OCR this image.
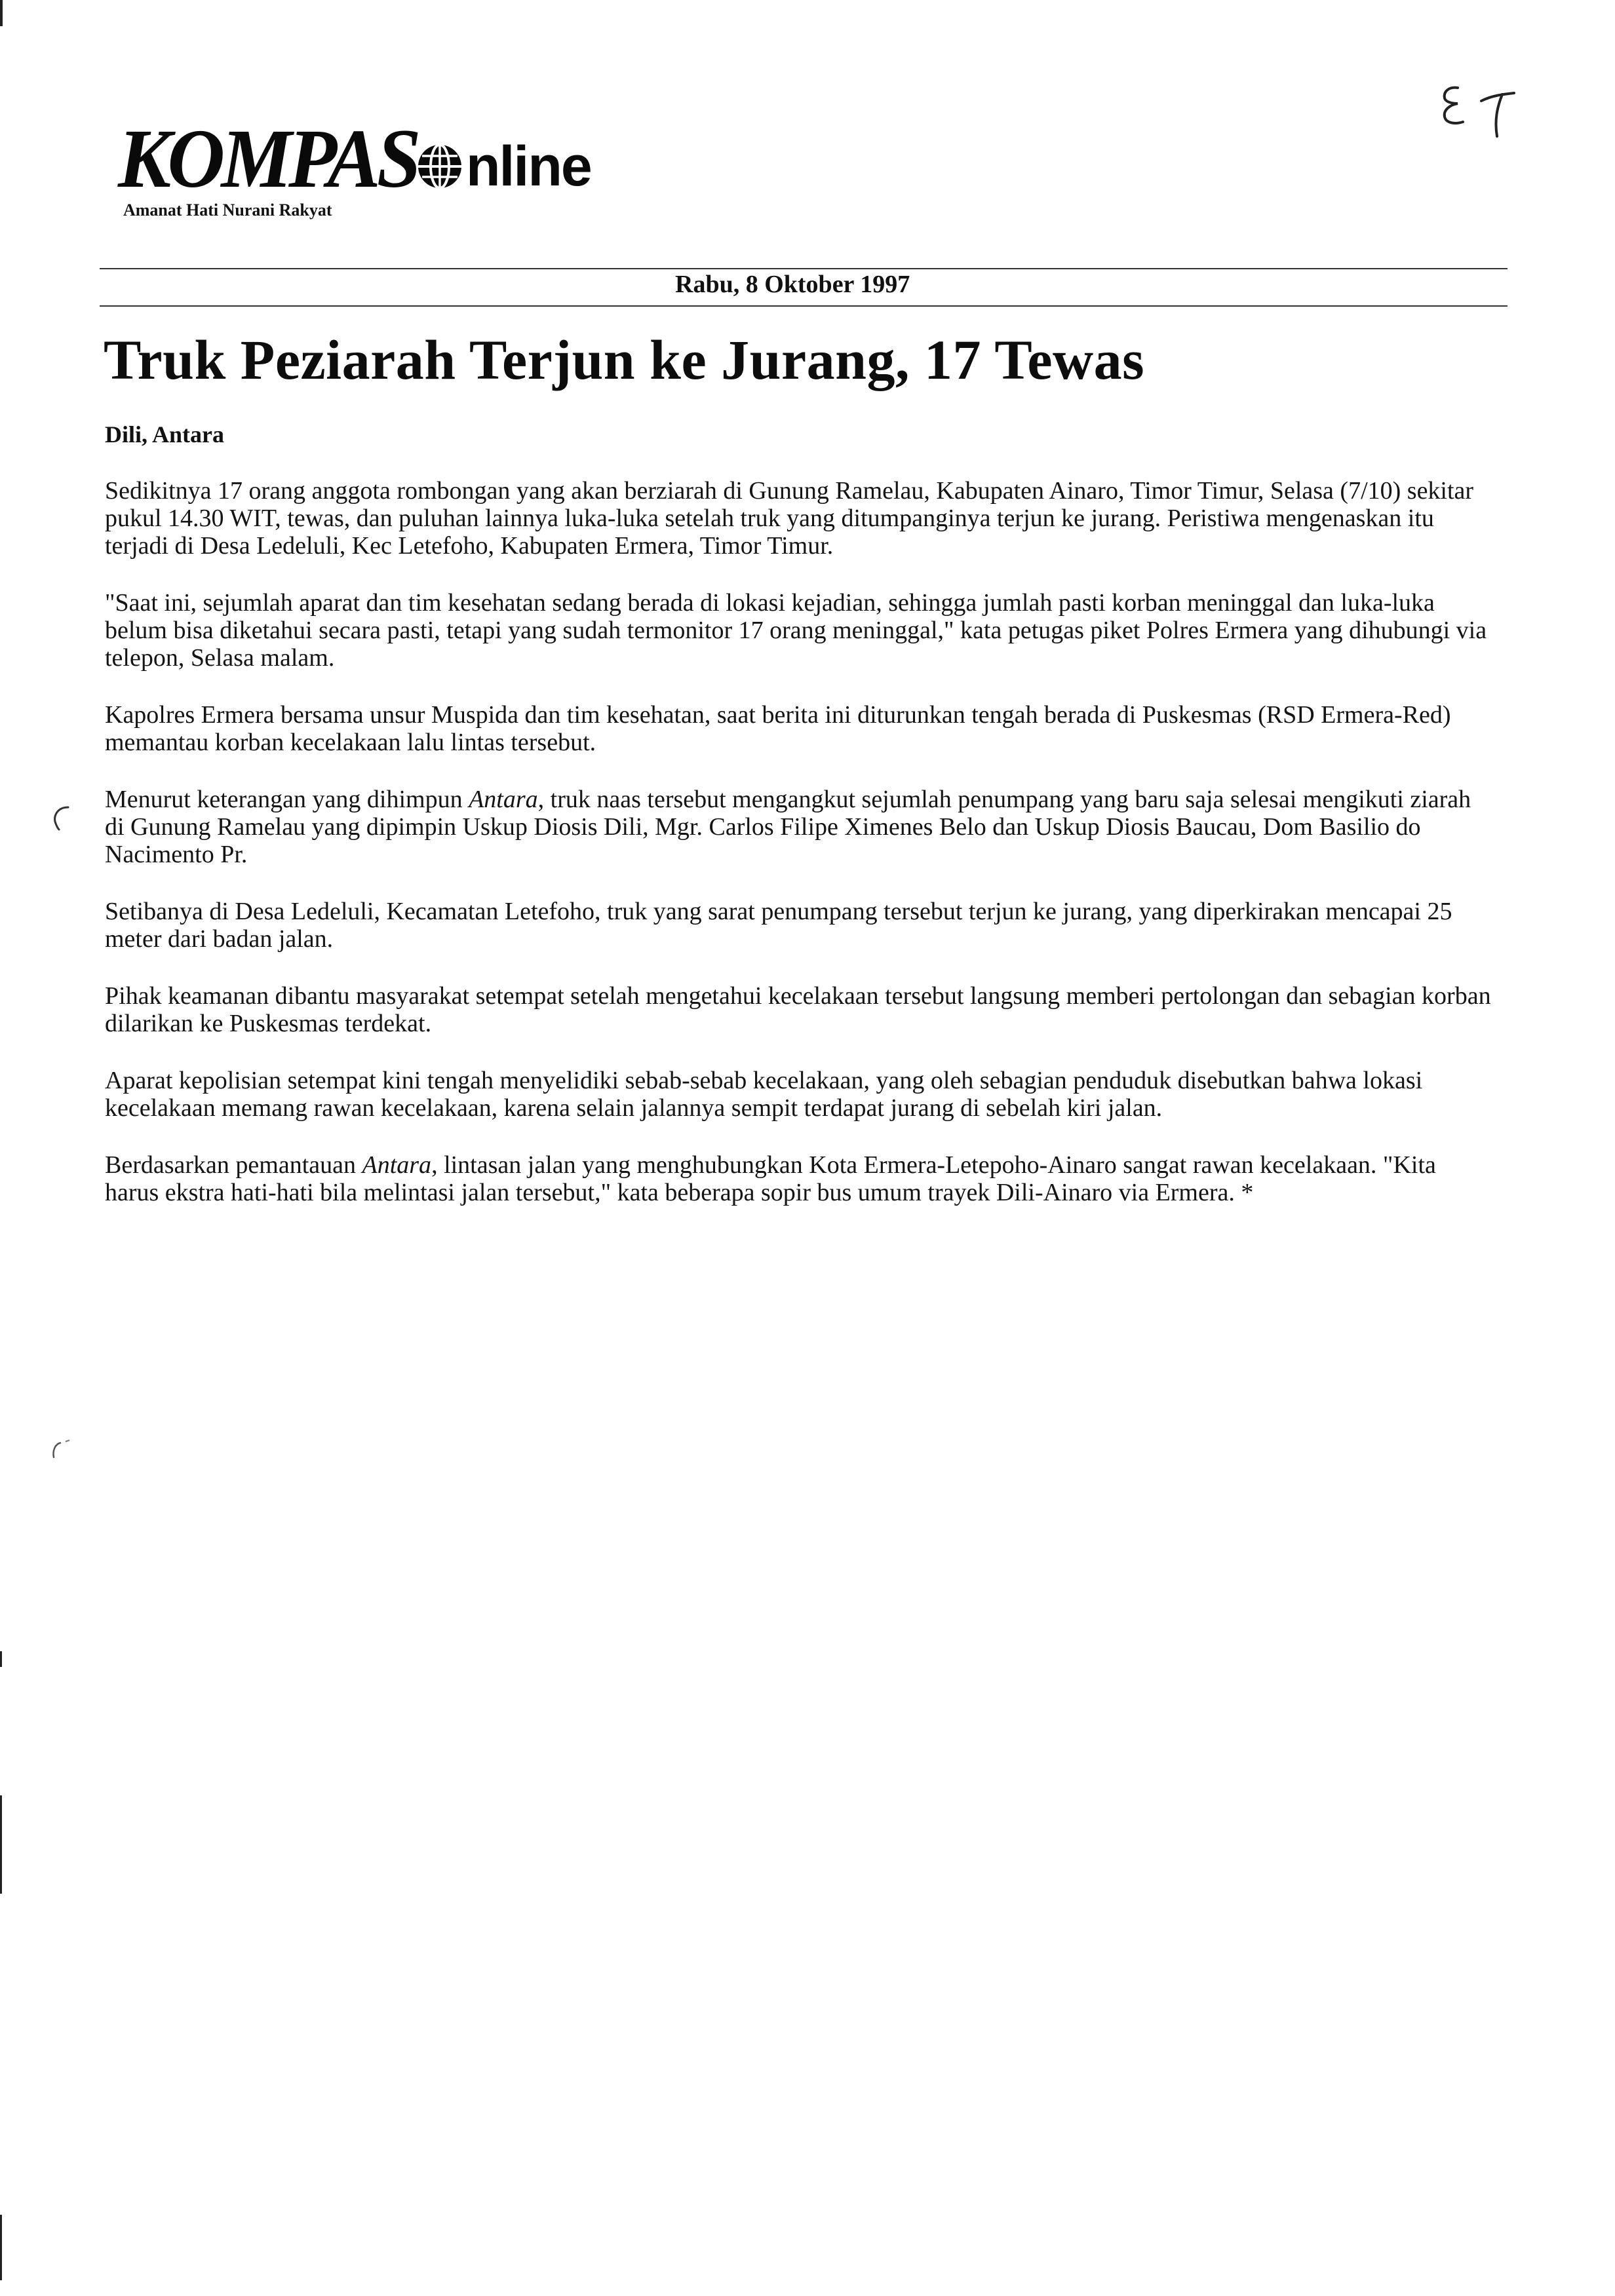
KOMPAS nline
Amanat Hati Nurani Rakyat
Rabu, 8 Oktober 1997
Truk Peziarah Terjun ke Jurang, 17 Tewas
Dili, Antara

Sedikitnya 17 orang anggota rombongan yang akan berziarah di Gunung Ramelau, Kabupaten Ainaro, Timor Timur, Selasa (7/10) sekitar pukul 14.30 WIT, tewas, dan puluhan lainnya luka-luka setelah truk yang ditumpanginya terjun ke jurang. Peristiwa mengenaskan itu terjadi di Desa Ledeluli, Kec Letefoho, Kabupaten Ermera, Timor Timur.

"Saat ini, sejumlah aparat dan tim kesehatan sedang berada di lokasi kejadian, sehingga jumlah pasti korban meninggal dan luka-luka belum bisa diketahui secara pasti, tetapi yang sudah termonitor 17 orang meninggal," kata petugas piket Polres Ermera yang dihubungi via telepon, Selasa malam.

Kapolres Ermera bersama unsur Muspida dan tim kesehatan, saat berita ini diturunkan tengah berada di Puskesmas (RSD Ermera-Red) memantau korban kecelakaan lalu lintas tersebut.

Menurut keterangan yang dihimpun Antara, truk naas tersebut mengangkut sejumlah penumpang yang baru saja selesai mengikuti ziarah di Gunung Ramelau yang dipimpin Uskup Diosis Dili, Mgr. Carlos Filipe Ximenes Belo dan Uskup Diosis Baucau, Dom Basilio do Nacimento Pr.

Setibanya di Desa Ledeluli, Kecamatan Letefoho, truk yang sarat penumpang tersebut terjun ke jurang, yang diperkirakan mencapai 25 meter dari badan jalan.

Pihak keamanan dibantu masyarakat setempat setelah mengetahui kecelakaan tersebut langsung memberi pertolongan dan sebagian korban dilarikan ke Puskesmas terdekat.

Aparat kepolisian setempat kini tengah menyelidiki sebab-sebab kecelakaan, yang oleh sebagian penduduk disebutkan bahwa lokasi kecelakaan memang rawan kecelakaan, karena selain jalannya sempit terdapat jurang di sebelah kiri jalan.

Berdasarkan pemantauan Antara, lintasan jalan yang menghubungkan Kota Ermera-Letepoho-Ainaro sangat rawan kecelakaan. "Kita harus ekstra hati-hati bila melintasi jalan tersebut," kata beberapa sopir bus umum trayek Dili-Ainaro via Ermera. *
